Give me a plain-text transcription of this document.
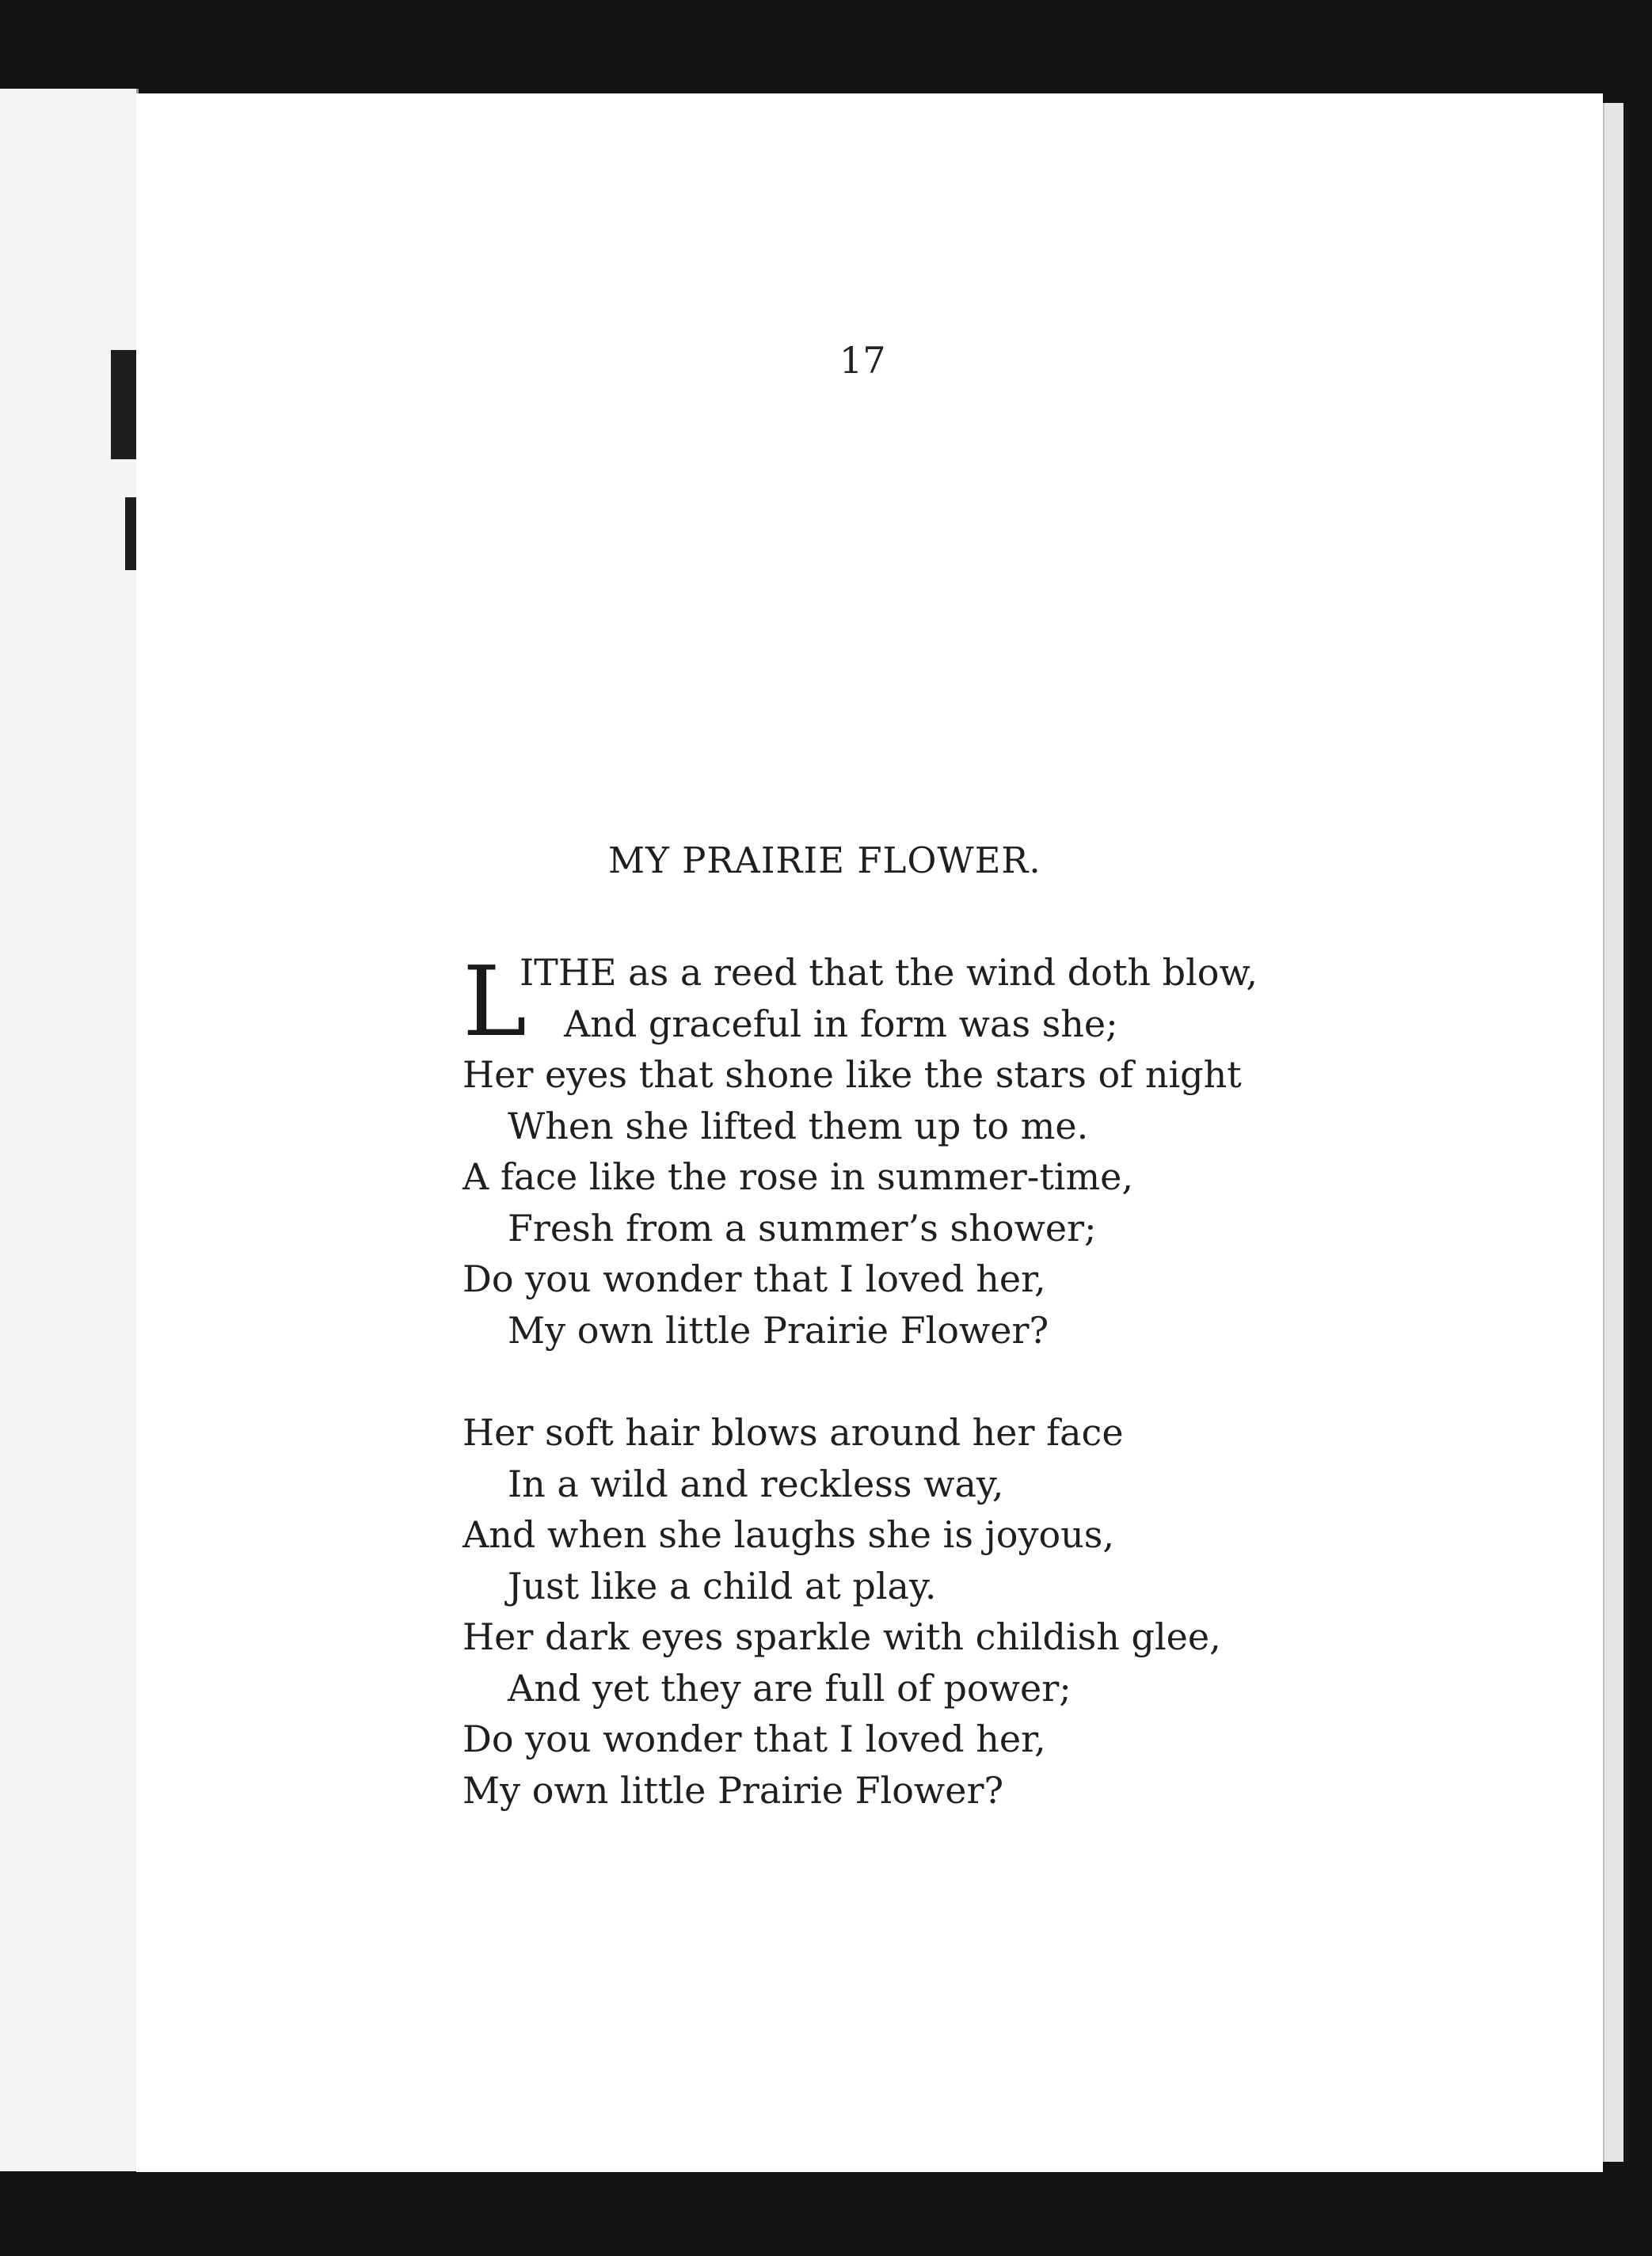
17
MY PRAIRIE FLOWER.
L
ITHE as a reed that the wind doth blow,
And graceful in form was she;
Her eyes that shone like the stars of night
When she lifted them up to me.
A face like the rose in summer-time,
Fresh from a summer’s shower;
Do you wonder that I loved her,
My own little Prairie Flower?
Her soft hair blows around her face
In a wild and reckless way,
And when she laughs she is joyous,
Just like a child at play.
Her dark eyes sparkle with childish glee,
And yet they are full of power;
Do you wonder that I loved her,
My own little Prairie Flower?
